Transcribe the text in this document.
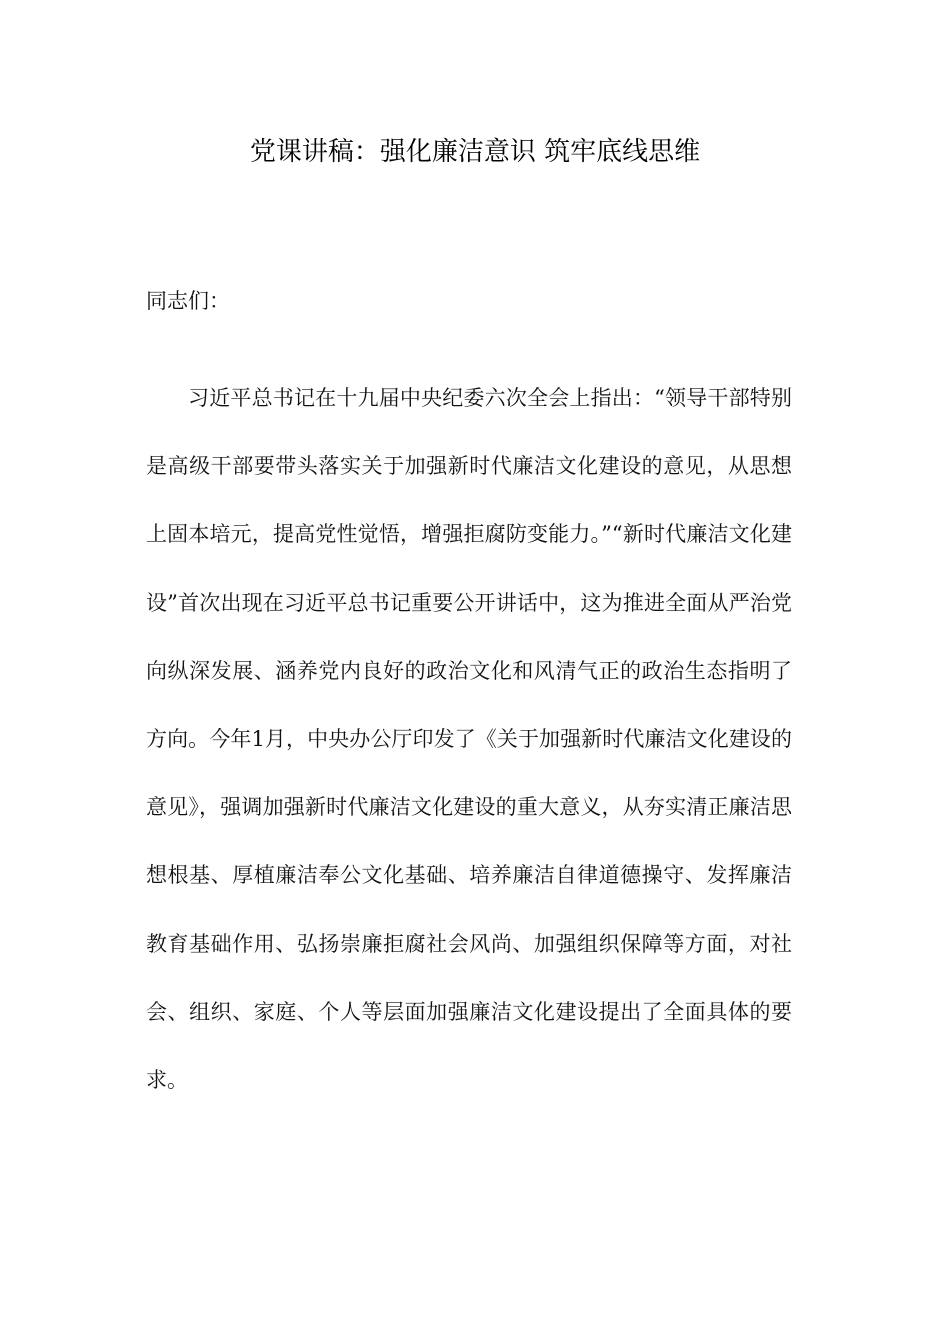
党课讲稿：强化廉洁意识 筑牢底线思维

同志们：

习近平总书记在十九届中央纪委六次全会上指出：“领导干部特别是高级干部要带头落实关于加强新时代廉洁文化建设的意见，从思想上固本培元，提高党性觉悟，增强拒腐防变能力。”“新时代廉洁文化建设”首次出现在习近平总书记重要公开讲话中，这为推进全面从严治党向纵深发展、涵养党内良好的政治文化和风清气正的政治生态指明了方向。今年1月，中央办公厅印发了《关于加强新时代廉洁文化建设的意见》，强调加强新时代廉洁文化建设的重大意义，从夯实清正廉洁思想根基、厚植廉洁奉公文化基础、培养廉洁自律道德操守、发挥廉洁教育基础作用、弘扬崇廉拒腐社会风尚、加强组织保障等方面，对社会、组织、家庭、个人等层面加强廉洁文化建设提出了全面具体的要求。
